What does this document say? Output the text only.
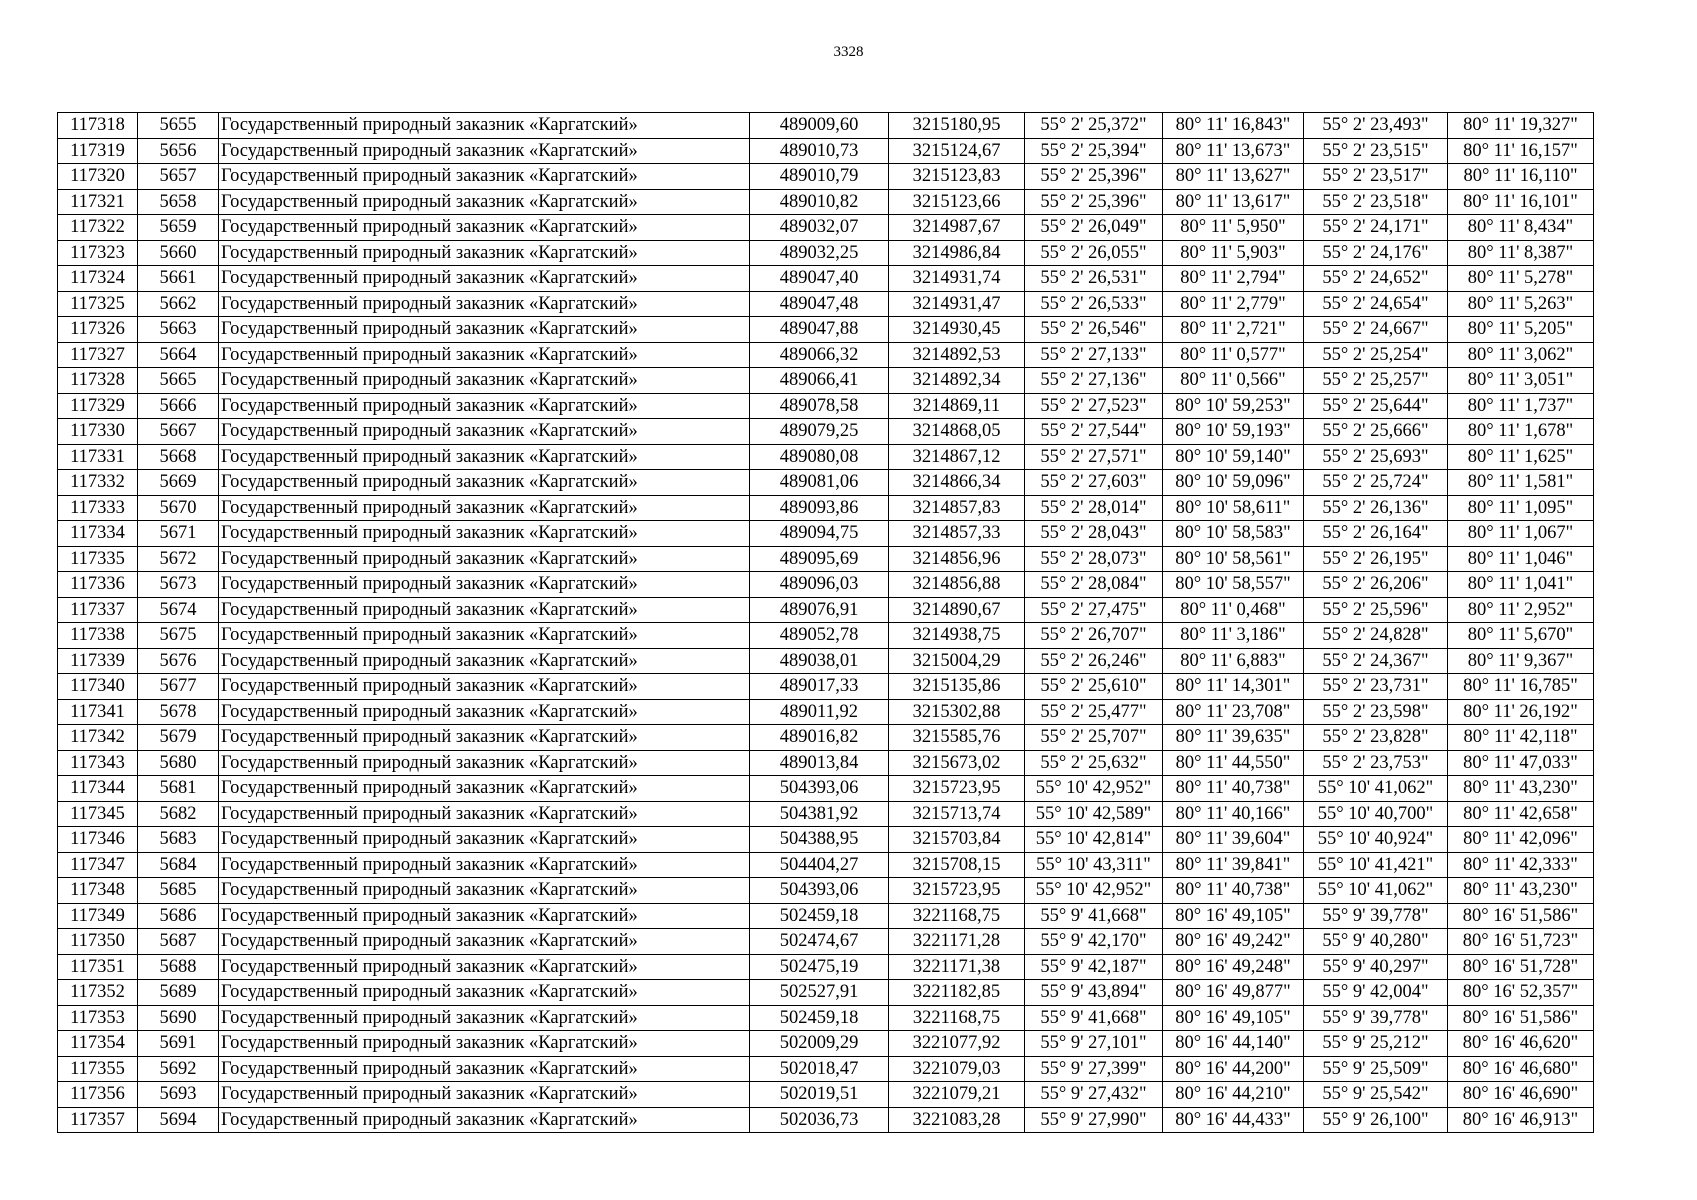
3328
117318	5655	Государственный природный заказник «Каргатский»	489009,60	3215180,95	55° 2' 25,372"	80° 11' 16,843"	55° 2' 23,493"	80° 11' 19,327"
117319	5656	Государственный природный заказник «Каргатский»	489010,73	3215124,67	55° 2' 25,394"	80° 11' 13,673"	55° 2' 23,515"	80° 11' 16,157"
117320	5657	Государственный природный заказник «Каргатский»	489010,79	3215123,83	55° 2' 25,396"	80° 11' 13,627"	55° 2' 23,517"	80° 11' 16,110"
117321	5658	Государственный природный заказник «Каргатский»	489010,82	3215123,66	55° 2' 25,396"	80° 11' 13,617"	55° 2' 23,518"	80° 11' 16,101"
117322	5659	Государственный природный заказник «Каргатский»	489032,07	3214987,67	55° 2' 26,049"	80° 11' 5,950"	55° 2' 24,171"	80° 11' 8,434"
117323	5660	Государственный природный заказник «Каргатский»	489032,25	3214986,84	55° 2' 26,055"	80° 11' 5,903"	55° 2' 24,176"	80° 11' 8,387"
117324	5661	Государственный природный заказник «Каргатский»	489047,40	3214931,74	55° 2' 26,531"	80° 11' 2,794"	55° 2' 24,652"	80° 11' 5,278"
117325	5662	Государственный природный заказник «Каргатский»	489047,48	3214931,47	55° 2' 26,533"	80° 11' 2,779"	55° 2' 24,654"	80° 11' 5,263"
117326	5663	Государственный природный заказник «Каргатский»	489047,88	3214930,45	55° 2' 26,546"	80° 11' 2,721"	55° 2' 24,667"	80° 11' 5,205"
117327	5664	Государственный природный заказник «Каргатский»	489066,32	3214892,53	55° 2' 27,133"	80° 11' 0,577"	55° 2' 25,254"	80° 11' 3,062"
117328	5665	Государственный природный заказник «Каргатский»	489066,41	3214892,34	55° 2' 27,136"	80° 11' 0,566"	55° 2' 25,257"	80° 11' 3,051"
117329	5666	Государственный природный заказник «Каргатский»	489078,58	3214869,11	55° 2' 27,523"	80° 10' 59,253"	55° 2' 25,644"	80° 11' 1,737"
117330	5667	Государственный природный заказник «Каргатский»	489079,25	3214868,05	55° 2' 27,544"	80° 10' 59,193"	55° 2' 25,666"	80° 11' 1,678"
117331	5668	Государственный природный заказник «Каргатский»	489080,08	3214867,12	55° 2' 27,571"	80° 10' 59,140"	55° 2' 25,693"	80° 11' 1,625"
117332	5669	Государственный природный заказник «Каргатский»	489081,06	3214866,34	55° 2' 27,603"	80° 10' 59,096"	55° 2' 25,724"	80° 11' 1,581"
117333	5670	Государственный природный заказник «Каргатский»	489093,86	3214857,83	55° 2' 28,014"	80° 10' 58,611"	55° 2' 26,136"	80° 11' 1,095"
117334	5671	Государственный природный заказник «Каргатский»	489094,75	3214857,33	55° 2' 28,043"	80° 10' 58,583"	55° 2' 26,164"	80° 11' 1,067"
117335	5672	Государственный природный заказник «Каргатский»	489095,69	3214856,96	55° 2' 28,073"	80° 10' 58,561"	55° 2' 26,195"	80° 11' 1,046"
117336	5673	Государственный природный заказник «Каргатский»	489096,03	3214856,88	55° 2' 28,084"	80° 10' 58,557"	55° 2' 26,206"	80° 11' 1,041"
117337	5674	Государственный природный заказник «Каргатский»	489076,91	3214890,67	55° 2' 27,475"	80° 11' 0,468"	55° 2' 25,596"	80° 11' 2,952"
117338	5675	Государственный природный заказник «Каргатский»	489052,78	3214938,75	55° 2' 26,707"	80° 11' 3,186"	55° 2' 24,828"	80° 11' 5,670"
117339	5676	Государственный природный заказник «Каргатский»	489038,01	3215004,29	55° 2' 26,246"	80° 11' 6,883"	55° 2' 24,367"	80° 11' 9,367"
117340	5677	Государственный природный заказник «Каргатский»	489017,33	3215135,86	55° 2' 25,610"	80° 11' 14,301"	55° 2' 23,731"	80° 11' 16,785"
117341	5678	Государственный природный заказник «Каргатский»	489011,92	3215302,88	55° 2' 25,477"	80° 11' 23,708"	55° 2' 23,598"	80° 11' 26,192"
117342	5679	Государственный природный заказник «Каргатский»	489016,82	3215585,76	55° 2' 25,707"	80° 11' 39,635"	55° 2' 23,828"	80° 11' 42,118"
117343	5680	Государственный природный заказник «Каргатский»	489013,84	3215673,02	55° 2' 25,632"	80° 11' 44,550"	55° 2' 23,753"	80° 11' 47,033"
117344	5681	Государственный природный заказник «Каргатский»	504393,06	3215723,95	55° 10' 42,952"	80° 11' 40,738"	55° 10' 41,062"	80° 11' 43,230"
117345	5682	Государственный природный заказник «Каргатский»	504381,92	3215713,74	55° 10' 42,589"	80° 11' 40,166"	55° 10' 40,700"	80° 11' 42,658"
117346	5683	Государственный природный заказник «Каргатский»	504388,95	3215703,84	55° 10' 42,814"	80° 11' 39,604"	55° 10' 40,924"	80° 11' 42,096"
117347	5684	Государственный природный заказник «Каргатский»	504404,27	3215708,15	55° 10' 43,311"	80° 11' 39,841"	55° 10' 41,421"	80° 11' 42,333"
117348	5685	Государственный природный заказник «Каргатский»	504393,06	3215723,95	55° 10' 42,952"	80° 11' 40,738"	55° 10' 41,062"	80° 11' 43,230"
117349	5686	Государственный природный заказник «Каргатский»	502459,18	3221168,75	55° 9' 41,668"	80° 16' 49,105"	55° 9' 39,778"	80° 16' 51,586"
117350	5687	Государственный природный заказник «Каргатский»	502474,67	3221171,28	55° 9' 42,170"	80° 16' 49,242"	55° 9' 40,280"	80° 16' 51,723"
117351	5688	Государственный природный заказник «Каргатский»	502475,19	3221171,38	55° 9' 42,187"	80° 16' 49,248"	55° 9' 40,297"	80° 16' 51,728"
117352	5689	Государственный природный заказник «Каргатский»	502527,91	3221182,85	55° 9' 43,894"	80° 16' 49,877"	55° 9' 42,004"	80° 16' 52,357"
117353	5690	Государственный природный заказник «Каргатский»	502459,18	3221168,75	55° 9' 41,668"	80° 16' 49,105"	55° 9' 39,778"	80° 16' 51,586"
117354	5691	Государственный природный заказник «Каргатский»	502009,29	3221077,92	55° 9' 27,101"	80° 16' 44,140"	55° 9' 25,212"	80° 16' 46,620"
117355	5692	Государственный природный заказник «Каргатский»	502018,47	3221079,03	55° 9' 27,399"	80° 16' 44,200"	55° 9' 25,509"	80° 16' 46,680"
117356	5693	Государственный природный заказник «Каргатский»	502019,51	3221079,21	55° 9' 27,432"	80° 16' 44,210"	55° 9' 25,542"	80° 16' 46,690"
117357	5694	Государственный природный заказник «Каргатский»	502036,73	3221083,28	55° 9' 27,990"	80° 16' 44,433"	55° 9' 26,100"	80° 16' 46,913"
